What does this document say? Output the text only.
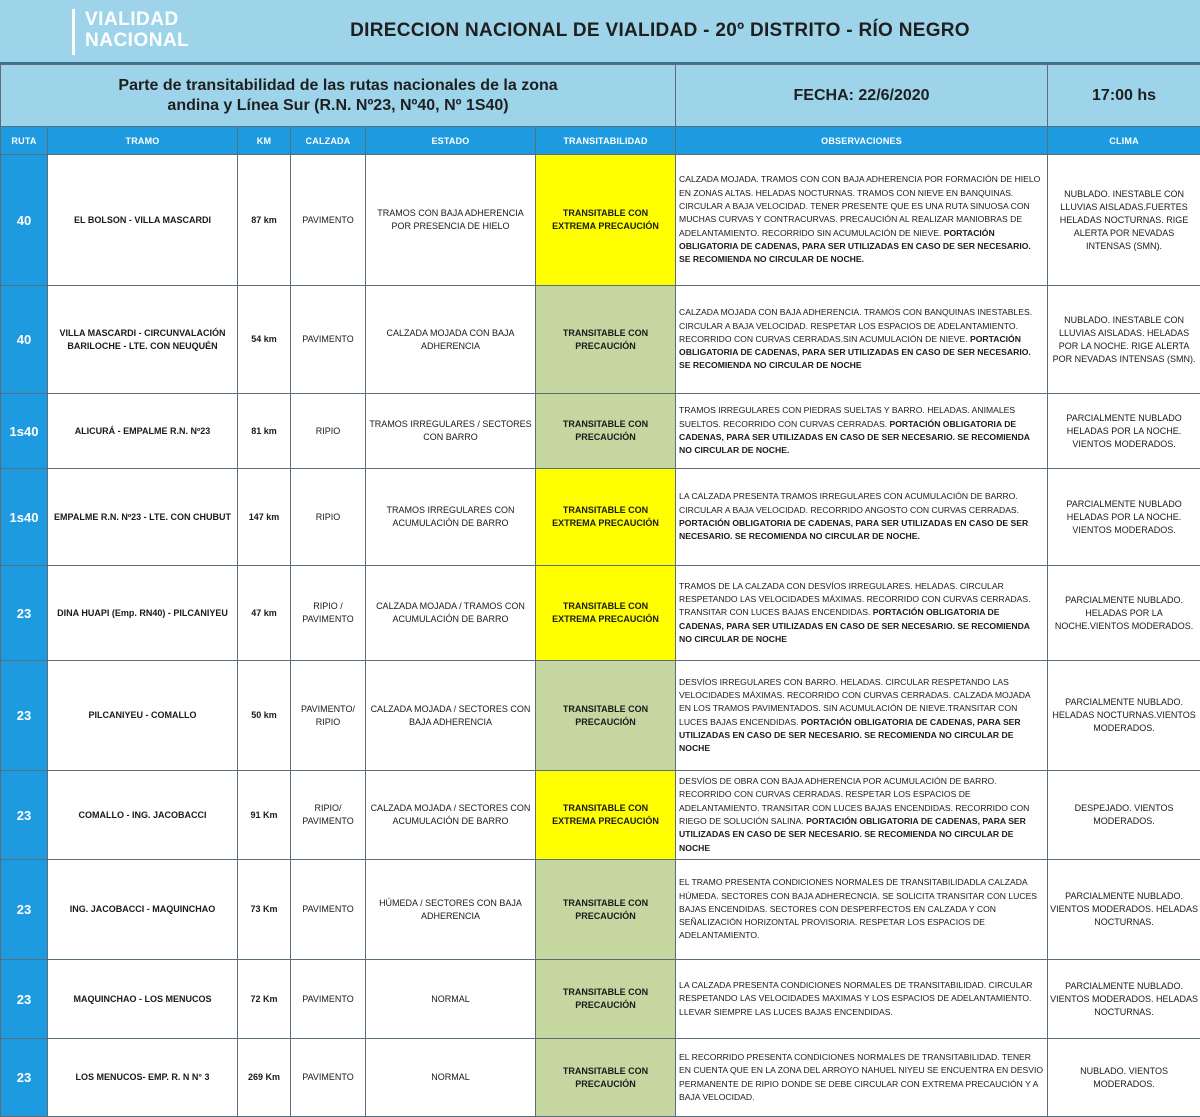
VIALIDAD
NACIONAL	DIRECCION NACIONAL DE VIALIDAD - 20º DISTRITO - RÍO NEGRO
Parte de transitabilidad de las rutas nacionales de la zona
andina y Línea Sur (R.N. Nº23, Nº40, Nº 1S40)						FECHA: 22/6/2020	17:00 hs
RUTA	TRAMO	KM	CALZADA	ESTADO	TRANSITABILIDAD	OBSERVACIONES	CLIMA
40	EL BOLSON - VILLA MASCARDI	87 km	PAVIMENTO	TRAMOS CON BAJA ADHERENCIA POR PRESENCIA DE HIELO	TRANSITABLE CON EXTREMA PRECAUCIÓN	CALZADA MOJADA. TRAMOS CON CON BAJA ADHERENCIA POR FORMACIÓN DE HIELO EN ZONAS ALTAS. HELADAS NOCTURNAS. TRAMOS CON NIEVE EN BANQUINAS. CIRCULAR A BAJA VELOCIDAD. TENER PRESENTE QUE ES UNA RUTA SINUOSA CON MUCHAS CURVAS Y CONTRACURVAS. PRECAUCIÓN AL REALIZAR MANIOBRAS DE ADELANTAMIENTO. RECORRIDO SIN ACUMULACIÓN DE NIEVE. PORTACIÓN OBLIGATORIA DE CADENAS, PARA SER UTILIZADAS EN CASO DE SER NECESARIO. SE RECOMIENDA NO CIRCULAR DE NOCHE.	NUBLADO. INESTABLE CON LLUVIAS AISLADAS.FUERTES HELADAS NOCTURNAS. RIGE ALERTA POR NEVADAS INTENSAS (SMN).
40	VILLA MASCARDI - CIRCUNVALACIÓN BARILOCHE - LTE. CON NEUQUÉN	54 km	PAVIMENTO	CALZADA MOJADA CON BAJA ADHERENCIA	TRANSITABLE CON PRECAUCIÓN	CALZADA MOJADA CON BAJA ADHERENCIA. TRAMOS CON BANQUINAS INESTABLES. CIRCULAR A BAJA VELOCIDAD. RESPETAR LOS ESPACIOS DE ADELANTAMIENTO. RECORRIDO CON CURVAS CERRADAS.SIN ACUMULACIÓN DE NIEVE. PORTACIÓN OBLIGATORIA DE CADENAS, PARA SER UTILIZADAS EN CASO DE SER NECESARIO. SE RECOMIENDA NO CIRCULAR DE NOCHE	NUBLADO. INESTABLE CON LLUVIAS AISLADAS. HELADAS POR LA NOCHE. RIGE ALERTA POR NEVADAS INTENSAS (SMN).
1s40	ALICURÁ - EMPALME R.N. Nº23	81 km	RIPIO	TRAMOS IRREGULARES / SECTORES CON BARRO	TRANSITABLE CON PRECAUCIÓN	TRAMOS IRREGULARES CON PIEDRAS SUELTAS Y BARRO. HELADAS. ANIMALES SUELTOS. RECORRIDO CON CURVAS CERRADAS. PORTACIÓN OBLIGATORIA DE CADENAS, PARA SER UTILIZADAS EN CASO DE SER NECESARIO. SE RECOMIENDA NO CIRCULAR DE NOCHE.	PARCIALMENTE NUBLADO HELADAS POR LA NOCHE. VIENTOS MODERADOS.
1s40	EMPALME R.N. Nº23 - LTE. CON CHUBUT	147 km	RIPIO	TRAMOS IRREGULARES CON ACUMULACIÓN DE BARRO	TRANSITABLE CON EXTREMA PRECAUCIÓN	LA CALZADA PRESENTA TRAMOS IRREGULARES CON ACUMULACIÓN DE BARRO. CIRCULAR A BAJA VELOCIDAD. RECORRIDO ANGOSTO CON CURVAS CERRADAS. PORTACIÓN OBLIGATORIA DE CADENAS, PARA SER UTILIZADAS EN CASO DE SER NECESARIO. SE RECOMIENDA NO CIRCULAR DE NOCHE.	PARCIALMENTE NUBLADO HELADAS POR LA NOCHE. VIENTOS MODERADOS.
23	DINA HUAPI (Emp. RN40) - PILCANIYEU	47 km	RIPIO / PAVIMENTO	CALZADA MOJADA / TRAMOS CON ACUMULACIÓN DE BARRO	TRANSITABLE CON EXTREMA PRECAUCIÓN	TRAMOS DE LA CALZADA CON DESVÍOS IRREGULARES. HELADAS. CIRCULAR RESPETANDO LAS VELOCIDADES MÁXIMAS. RECORRIDO CON CURVAS CERRADAS. TRANSITAR CON LUCES BAJAS ENCENDIDAS. PORTACIÓN OBLIGATORIA DE CADENAS, PARA SER UTILIZADAS EN CASO DE SER NECESARIO. SE RECOMIENDA NO CIRCULAR DE NOCHE	PARCIALMENTE NUBLADO. HELADAS POR LA NOCHE.VIENTOS MODERADOS.
23	PILCANIYEU - COMALLO	50 km	PAVIMENTO/ RIPIO	CALZADA MOJADA / SECTORES CON BAJA ADHERENCIA	TRANSITABLE CON PRECAUCIÓN	DESVÍOS IRREGULARES CON BARRO. HELADAS. CIRCULAR RESPETANDO LAS VELOCIDADES MÁXIMAS. RECORRIDO CON CURVAS CERRADAS. CALZADA MOJADA EN LOS TRAMOS PAVIMENTADOS. SIN ACUMULACIÓN DE NIEVE.TRANSITAR CON LUCES BAJAS ENCENDIDAS. PORTACIÓN OBLIGATORIA DE CADENAS, PARA SER UTILIZADAS EN CASO DE SER NECESARIO. SE RECOMIENDA NO CIRCULAR DE NOCHE	PARCIALMENTE NUBLADO. HELADAS NOCTURNAS.VIENTOS MODERADOS.
23	COMALLO - ING. JACOBACCI	91 Km	RIPIO/ PAVIMENTO	CALZADA MOJADA / SECTORES CON ACUMULACIÓN DE BARRO	TRANSITABLE CON EXTREMA PRECAUCIÓN	DESVÍOS DE OBRA CON BAJA ADHERENCIA POR ACUMULACIÓN DE BARRO. RECORRIDO CON CURVAS CERRADAS. RESPETAR LOS ESPACIOS DE ADELANTAMIENTO. TRANSITAR CON LUCES BAJAS ENCENDIDAS. RECORRIDO CON RIEGO DE SOLUCIÓN SALINA. PORTACIÓN OBLIGATORIA DE CADENAS, PARA SER UTILIZADAS EN CASO DE SER NECESARIO. SE RECOMIENDA NO CIRCULAR DE NOCHE	DESPEJADO. VIENTOS MODERADOS.
23	ING. JACOBACCI - MAQUINCHAO	73 Km	PAVIMENTO	HÚMEDA / SECTORES CON BAJA ADHERENCIA	TRANSITABLE CON PRECAUCIÓN	EL TRAMO PRESENTA CONDICIONES NORMALES DE TRANSITABILIDADLA CALZADA HÚMEDA. SECTORES CON BAJA ADHERECNCIA. SE SOLICITA TRANSITAR CON LUCES BAJAS ENCENDIDAS. SECTORES CON DESPERFECTOS EN CALZADA Y CON SEÑALIZACIÓN HORIZONTAL PROVISORIA. RESPETAR LOS ESPACIOS DE ADELANTAMIENTO.	PARCIALMENTE NUBLADO. VIENTOS MODERADOS. HELADAS NOCTURNAS.
23	MAQUINCHAO - LOS MENUCOS	72 Km	PAVIMENTO	NORMAL	TRANSITABLE CON PRECAUCIÓN	LA CALZADA PRESENTA CONDICIONES NORMALES DE TRANSITABILIDAD. CIRCULAR RESPETANDO LAS VELOCIDADES MAXIMAS Y LOS ESPACIOS DE ADELANTAMIENTO. LLEVAR SIEMPRE LAS LUCES BAJAS ENCENDIDAS.	PARCIALMENTE NUBLADO. VIENTOS MODERADOS. HELADAS NOCTURNAS.
23	LOS MENUCOS- EMP. R. N N° 3	269 Km	PAVIMENTO	NORMAL	TRANSITABLE CON PRECAUCIÓN	EL RECORRIDO PRESENTA CONDICIONES NORMALES DE TRANSITABILIDAD. TENER EN CUENTA QUE EN LA ZONA DEL ARROYO NAHUEL NIYEU SE ENCUENTRA EN DESVIO PERMANENTE DE RIPIO DONDE SE DEBE CIRCULAR CON EXTREMA PRECAUCIÓN Y A BAJA VELOCIDAD.	NUBLADO. VIENTOS MODERADOS.
